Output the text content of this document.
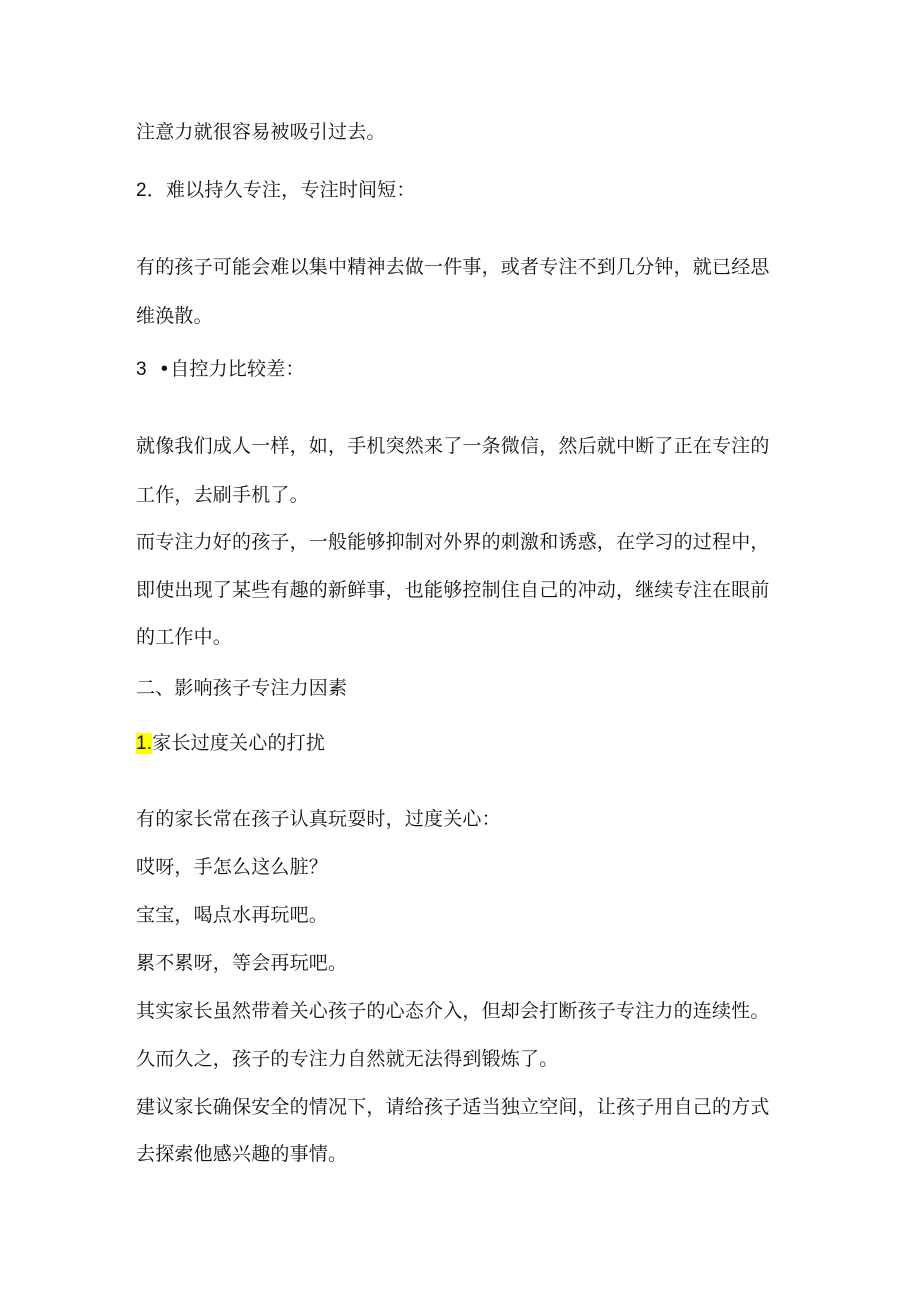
注意力就很容易被吸引过去。
2．难以持久专注，专注时间短：
有的孩子可能会难以集中精神去做一件事，或者专注不到几分钟，就已经思
维涣散。
3 •自控力比较差：
就像我们成人一样，如，手机突然来了一条微信，然后就中断了正在专注的
工作，去刷手机了。
而专注力好的孩子，一般能够抑制对外界的刺激和诱惑，在学习的过程中，
即使出现了某些有趣的新鲜事，也能够控制住自己的冲动，继续专注在眼前
的工作中。
二、影响孩子专注力因素
1.家长过度关心的打扰
有的家长常在孩子认真玩耍时，过度关心：
哎呀，手怎么这么脏？
宝宝，喝点水再玩吧。
累不累呀，等会再玩吧。
其实家长虽然带着关心孩子的心态介入，但却会打断孩子专注力的连续性。
久而久之，孩子的专注力自然就无法得到锻炼了。
建议家长确保安全的情况下，请给孩子适当独立空间，让孩子用自己的方式
去探索他感兴趣的事情。
